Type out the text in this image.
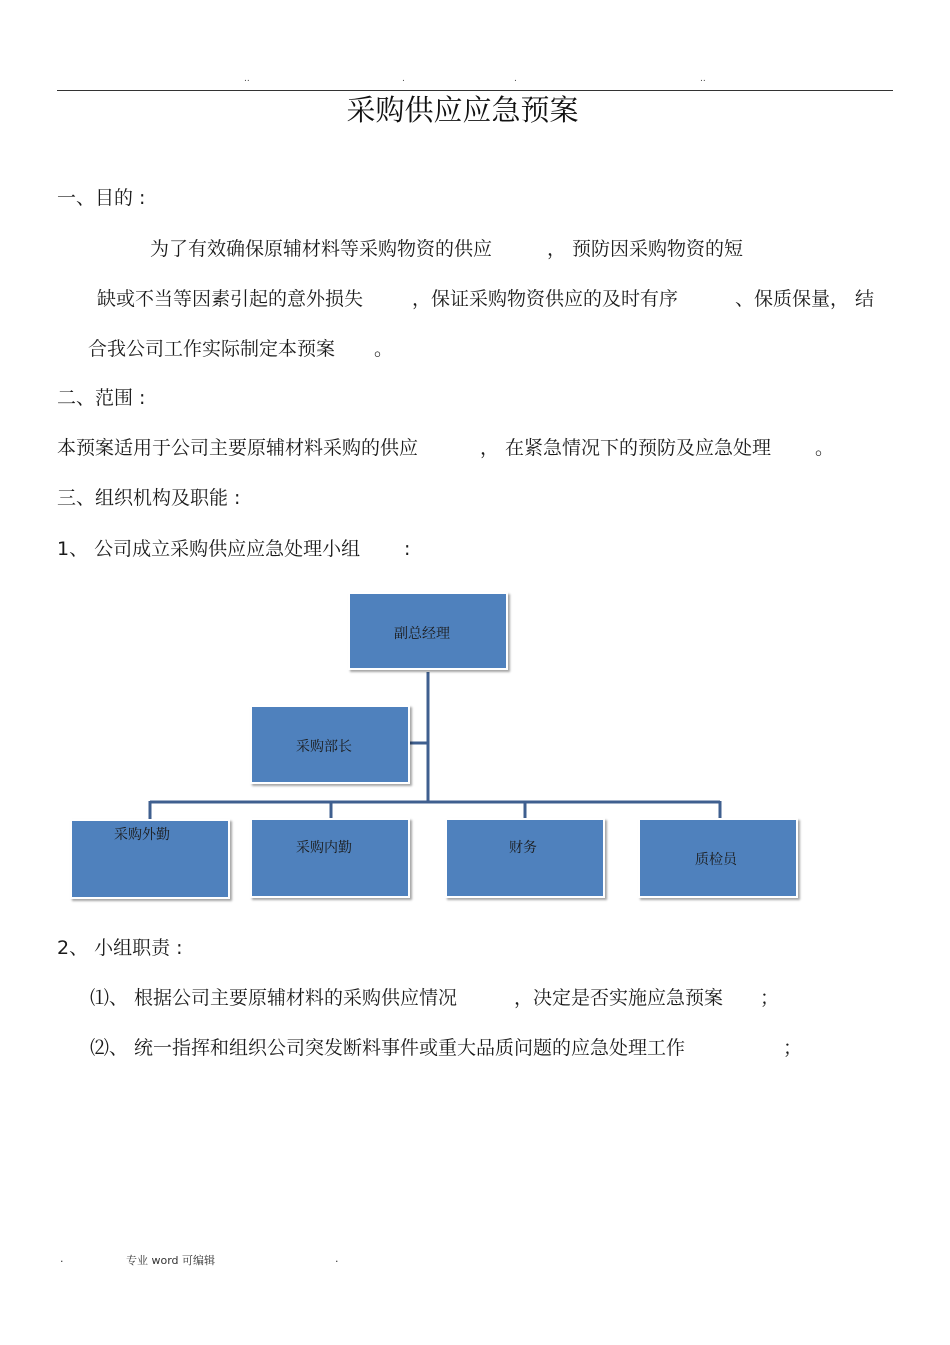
..	.	.	..
采购供应应急预案
一、目的 :
为了有效确保原辅材料等采购物资的供应	， 预防因采购物资的短
缺或不当等因素引起的意外损失	，保证采购物资供应的及时有序	、保质保量， 结
合我公司工作实际制定本预案 。
二、范围 :
本预案适用于公司主要原辅材料采购的供应	， 在紧急情况下的预防及应急处理 。
三、组织机构及职能 :
1、 公司成立采购供应应急处理小组 :
副总经理
采购部长
采购外勤
采购内勤	财务
质检员
2、 小组职责 :
⑴、 根据公司主要原辅材料的采购供应情况	，决定是否实施应急预案 ；
⑵、 统一指挥和组织公司突发断料事件或重大品质问题的应急处理工作	；
.	专业 word 可编辑	.
